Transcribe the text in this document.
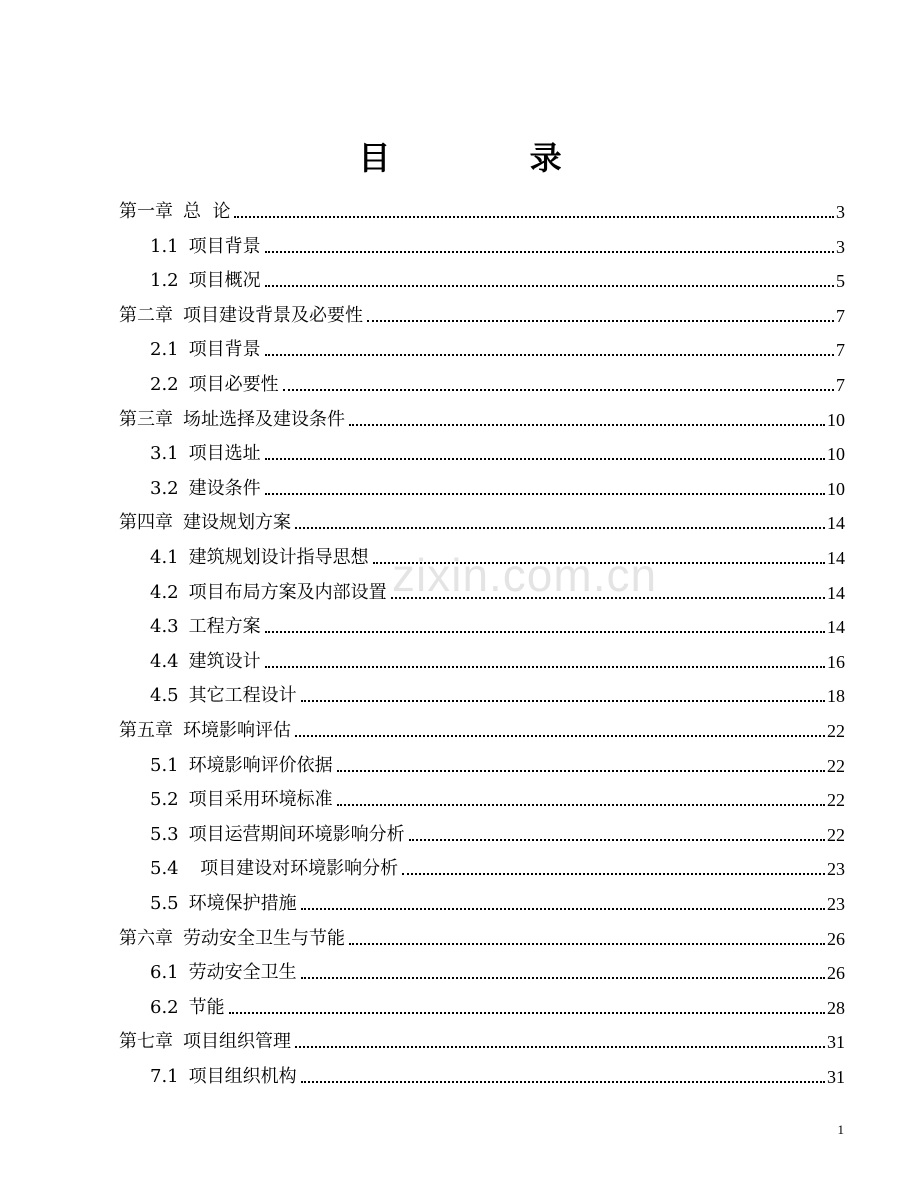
目 录
第一章 总  论	3
1.1 项目背景	3
1.2 项目概况	5
第二章 项目建设背景及必要性	7
2.1 项目背景	7
2.2 项目必要性	7
第三章 场址选择及建设条件	10
3.1 项目选址	10
3.2 建设条件	10
第四章 建设规划方案	14
4.1 建筑规划设计指导思想	14
4.2 项目布局方案及内部设置	14
4.3 工程方案	14
4.4 建筑设计	16
4.5 其它工程设计	18
第五章 环境影响评估	22
5.1 环境影响评价依据	22
5.2 项目采用环境标准	22
5.3 项目运营期间环境影响分析	22
5.4  项目建设对环境影响分析	23
5.5 环境保护措施	23
第六章 劳动安全卫生与节能	26
6.1 劳动安全卫生	26
6.2 节能	28
第七章 项目组织管理	31
7.1 项目组织机构	31
zixin.com.cn
1
